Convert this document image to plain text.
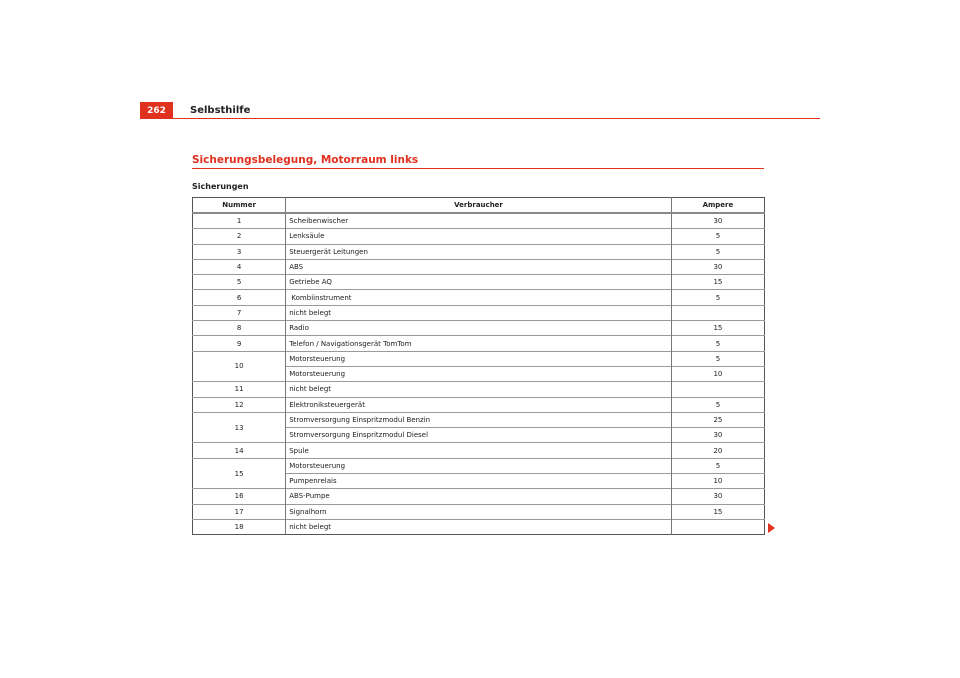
262	Selbsthilfe
Sicherungsbelegung, Motorraum links
Sicherungen
Nummer	Verbraucher	Ampere
1	Scheibenwischer	30
2	Lenksäule	5
3	Steuergerät Leitungen	5
4	ABS	30
5	Getriebe AQ	15
6	Kombiinstrument	5
7	nicht belegt	
8	Radio	15
9	Telefon / Navigationsgerät TomTom	5
10	Motorsteuerung	5
	Motorsteuerung	10
11	nicht belegt	
12	Elektroniksteuergerät	5
13	Stromversorgung Einspritzmodul Benzin	25
	Stromversorgung Einspritzmodul Diesel	30
14	Spule	20
15	Motorsteuerung	5
	Pumpenrelais	10
16	ABS-Pumpe	30
17	Signalhorn	15
18	nicht belegt	
